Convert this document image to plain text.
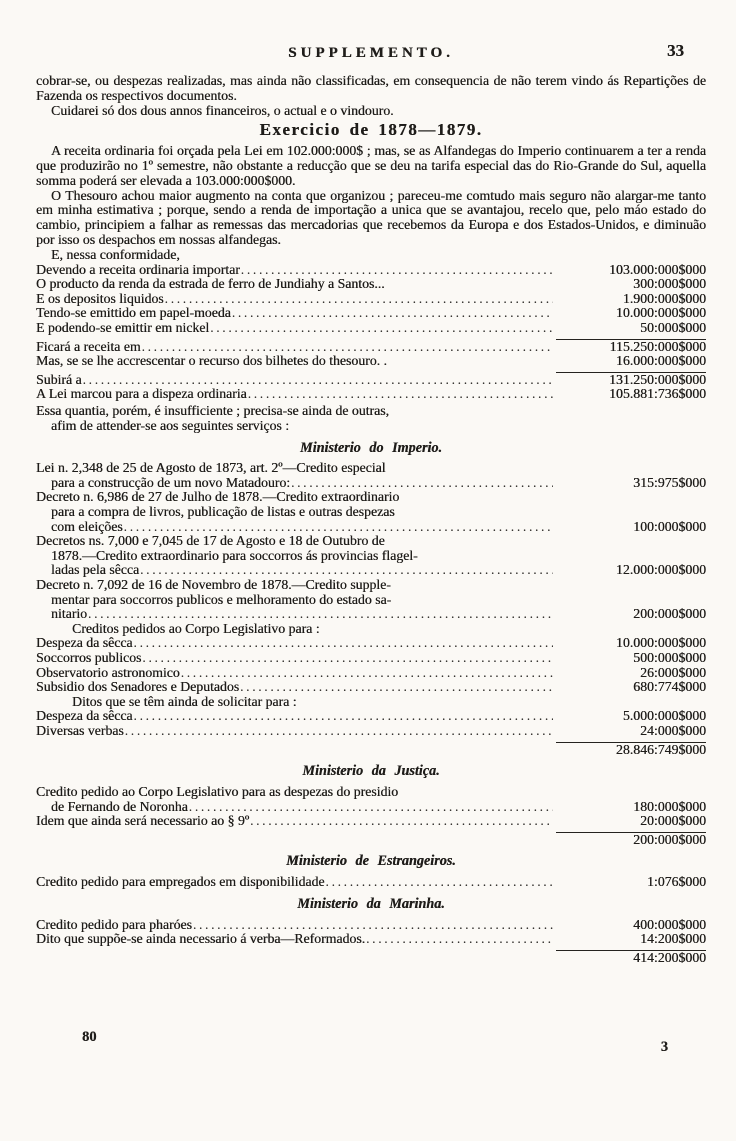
SUPPLEMENTO.	33

cobrar-se, ou despezas realizadas, mas ainda não classificadas, em consequencia de não terem vindo ás Repartições de Fazenda os respectivos documentos.

Cuidarei só dos dous annos financeiros, o actual e o vindouro.

Exercicio de 1878—1879.

A receita ordinaria foi orçada pela Lei em 102.000:000$ ; mas, se as Alfandegas do Imperio continuarem a ter a renda que produzirão no 1º semestre, não obstante a reducção que se deu na tarifa especial das do Rio-Grande do Sul, aquella somma poderá ser elevada a 103.000:000$000.

O Thesouro achou maior augmento na conta que organizou ; pareceu-me comtudo mais seguro não alargar-me tanto em minha estimativa ; porque, sendo a renda de importação a unica que se avantajou, recelo que, pelo máo estado do cambio, principiem a falhar as remessas das mercadorias que recebemos da Europa e dos Estados-Unidos, e diminuão por isso os despachos em nossas alfandegas.

E, nessa conformidade,

Devendo a receita ordinaria importar .....	103.000:000$000
O producto da renda da estrada de ferro de Jundiahy a Santos...	300:000$000
E os depositos liquidos .....	1.900:000$000
Tendo-se emittido em papel-moeda .....	10.000:000$000
E podendo-se emittir em nickel .....	50:000$000
Ficará a receita em .....	115.250:000$000
Mas, se se lhe accrescentar o recurso dos bilhetes do thesouro. .	16.000:000$000
Subirá a .....	131.250:000$000
A Lei marcou para a dispeza ordinaria .....	105.881:736$000

Essa quantia, porém, é insufficiente ; precisa-se ainda de outras,

afim de attender-se aos seguintes serviços :

Ministerio do Imperio.
Lei n. 2,348 de 25 de Agosto de 1873, art. 2º—Credito especial
para a construcção de um novo Matadouro: .....	315:975$000
Decreto n. 6,986 de 27 de Julho de 1878.—Credito extraordinario
para a compra de livros, publicação de listas e outras despezas
com eleições .....	100:000$000
Decretos ns. 7,000 e 7,045 de 17 de Agosto e 18 de Outubro de
1878.—Credito extraordinario para soccorros ás provincias flagel-
ladas pela sêcca .....	12.000:000$000
Decreto n. 7,092 de 16 de Novembro de 1878.—Credito supple-
mentar para soccorros publicos e melhoramento do estado sa-
nitario .....	200:000$000
Creditos pedidos ao Corpo Legislativo para :
Despeza da sêcca .....	10.000:000$000
Soccorros publicos .....	500:000$000
Observatorio astronomico .....	26:000$000
Subsidio dos Senadores e Deputados .....	680:774$000
Ditos que se têm ainda de solicitar para :
Despeza da sêcca .....	5.000:000$000
Diversas verbas .....	24:000$000
28.846:749$000
Ministerio da Justiça.
Credito pedido ao Corpo Legislativo para as despezas do presidio
de Fernando de Noronha .....	180:000$000
Idem que ainda será necessario ao § 9º .....	20:000$000
200:000$000
Ministerio de Estrangeiros.
Credito pedido para empregados em disponibilidade .....	1:076$000
Ministerio da Marinha.
Credito pedido para pharóes .....	400:000$000
Dito que suppõe-se ainda necessario á verba—Reformados. .....	14:200$000
414:200$000
80
3
